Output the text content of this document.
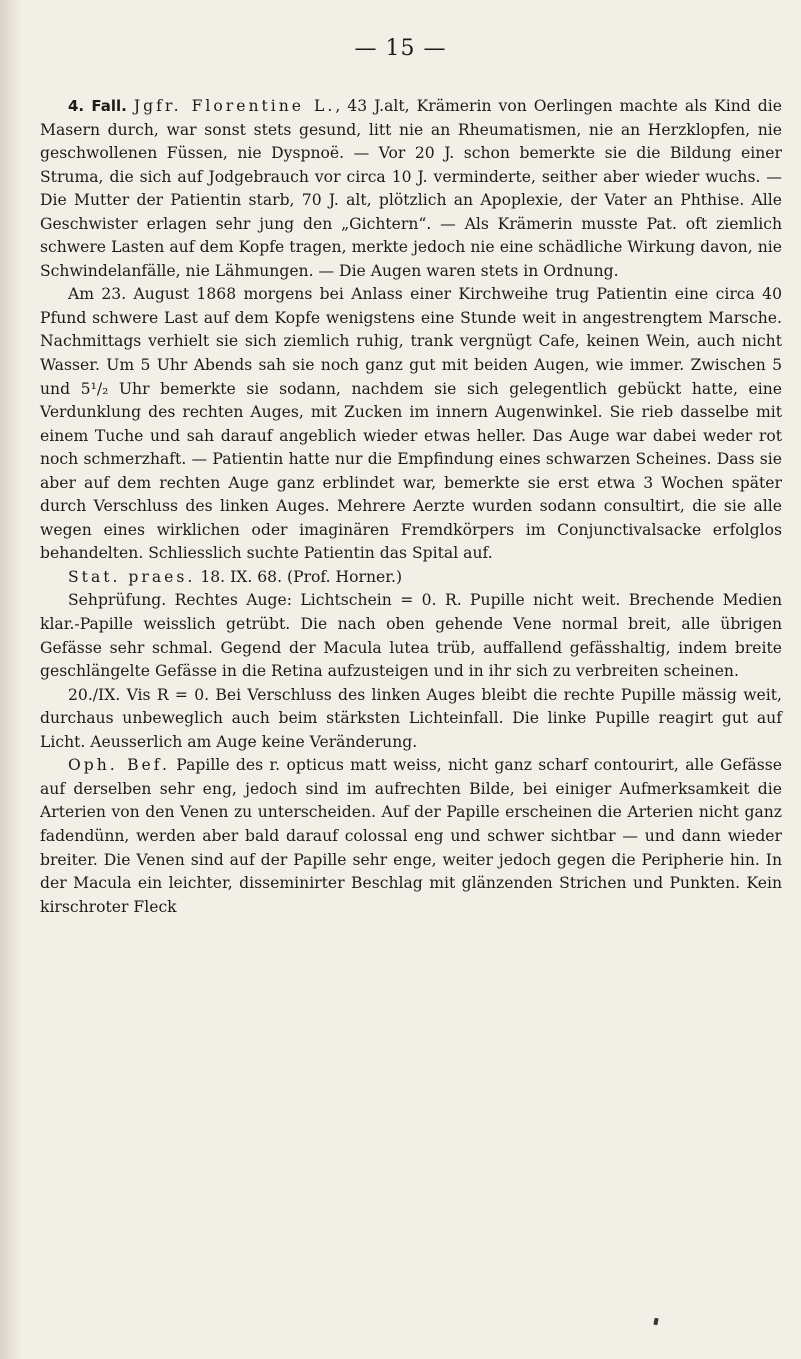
— 15 —

4. Fall. Jgfr. Florentine L., 43 J.alt, Krämerin von Oerlingen machte als Kind die Masern durch, war sonst stets gesund, litt nie an Rheumatismen, nie an Herzklopfen, nie geschwollenen Füssen, nie Dyspnoë. — Vor 20 J. schon bemerkte sie die Bildung einer Struma, die sich auf Jodgebrauch vor circa 10 J. verminderte, seither aber wieder wuchs. — Die Mutter der Patientin starb, 70 J. alt, plötzlich an Apoplexie, der Vater an Phthise. Alle Geschwister erlagen sehr jung den „Gichtern“. — Als Krämerin musste Pat. oft ziemlich schwere Lasten auf dem Kopfe tragen, merkte jedoch nie eine schädliche Wirkung davon, nie Schwindelanfälle, nie Lähmungen. — Die Augen waren stets in Ordnung.

Am 23. August 1868 morgens bei Anlass einer Kirchweihe trug Patientin eine circa 40 Pfund schwere Last auf dem Kopfe wenigstens eine Stunde weit in angestrengtem Marsche. Nachmittags verhielt sie sich ziemlich ruhig, trank vergnügt Cafe, keinen Wein, auch nicht Wasser. Um 5 Uhr Abends sah sie noch ganz gut mit beiden Augen, wie immer. Zwischen 5 und 5¹/₂ Uhr bemerkte sie sodann, nachdem sie sich gelegentlich gebückt hatte, eine Verdunklung des rechten Auges, mit Zucken im innern Augenwinkel. Sie rieb dasselbe mit einem Tuche und sah darauf angeblich wieder etwas heller. Das Auge war dabei weder rot noch schmerzhaft. — Patientin hatte nur die Empfindung eines schwarzen Scheines. Dass sie aber auf dem rechten Auge ganz erblindet war, bemerkte sie erst etwa 3 Wochen später durch Verschluss des linken Auges. Mehrere Aerzte wurden sodann consultirt, die sie alle wegen eines wirklichen oder imaginären Fremdkörpers im Conjunctivalsacke erfolglos behandelten. Schliesslich suchte Patientin das Spital auf.

Stat. praes. 18. IX. 68. (Prof. Horner.)

Sehprüfung. Rechtes Auge: Lichtschein = 0. R. Pupille nicht weit. Brechende Medien klar.-Papille weisslich getrübt. Die nach oben gehende Vene normal breit, alle übrigen Gefässe sehr schmal. Gegend der Macula lutea trüb, auffallend gefässhaltig, indem breite geschlängelte Gefässe in die Retina aufzusteigen und in ihr sich zu verbreiten scheinen.

20./IX. Vis R = 0. Bei Verschluss des linken Auges bleibt die rechte Pupille mässig weit, durchaus unbeweglich auch beim stärksten Lichteinfall. Die linke Pupille reagirt gut auf Licht. Aeusserlich am Auge keine Veränderung.

Oph. Bef. Papille des r. opticus matt weiss, nicht ganz scharf contourirt, alle Gefässe auf derselben sehr eng, jedoch sind im aufrechten Bilde, bei einiger Aufmerksamkeit die Arterien von den Venen zu unterscheiden. Auf der Papille erscheinen die Arterien nicht ganz fadendünn, werden aber bald darauf colossal eng und schwer sichtbar — und dann wieder breiter. Die Venen sind auf der Papille sehr enge, weiter jedoch gegen die Peripherie hin. In der Macula ein leichter, disseminirter Beschlag mit glänzenden Strichen und Punkten. Kein kirschroter Fleck
